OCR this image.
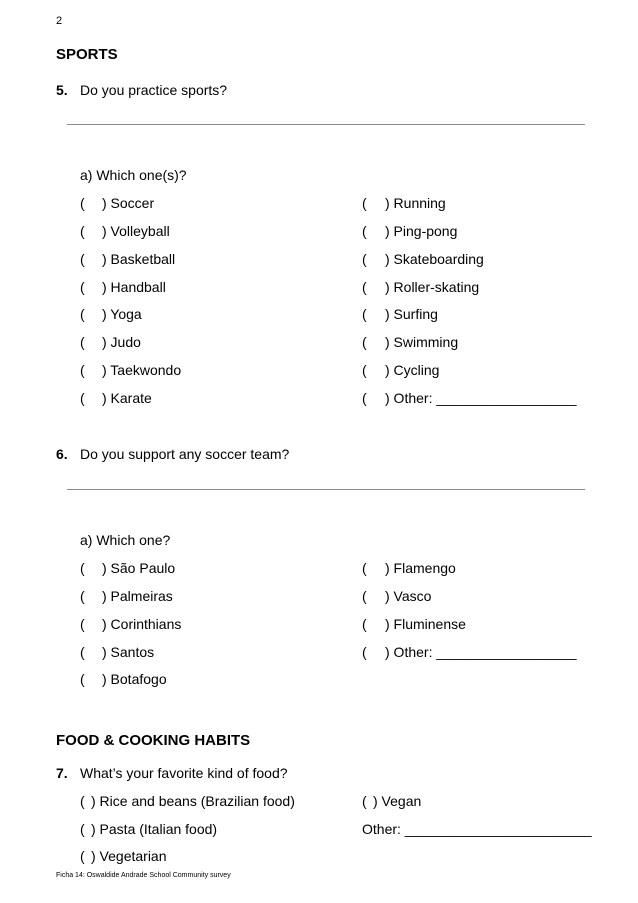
2
SPORTS
5. Do you practice sports?
a) Which one(s)?
( ) Soccer	( ) Running
( ) Volleyball	( ) Ping-pong
( ) Basketball	( ) Skateboarding
( ) Handball	( ) Roller-skating
( ) Yoga	( ) Surfing
( ) Judo	( ) Swimming
( ) Taekwondo	( ) Cycling
( ) Karate	( ) Other: __________________
6. Do you support any soccer team?
a) Which one?
( ) São Paulo	( ) Flamengo
( ) Palmeiras	( ) Vasco
( ) Corinthians	( ) Fluminense
( ) Santos	( ) Other: __________________
( ) Botafogo
FOOD & COOKING HABITS
7. What’s your favorite kind of food?
( ) Rice and beans (Brazilian food)	( ) Vegan
( ) Pasta (Italian food)	Other: ________________________
( ) Vegetarian
Ficha 14: Oswaldide Andrade School Community survey
